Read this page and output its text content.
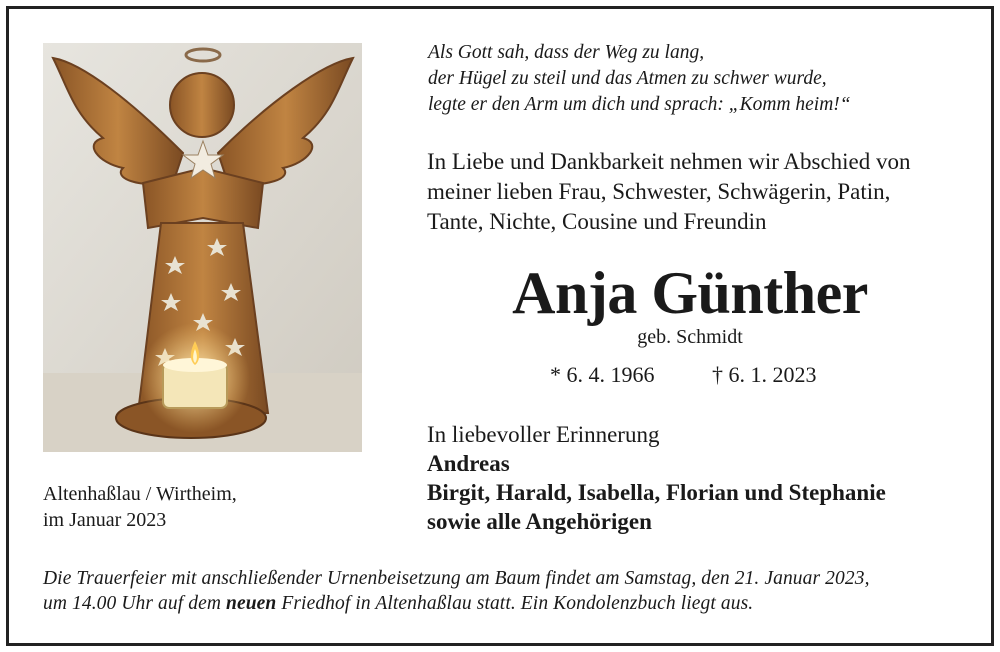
Als Gott sah, dass der Weg zu lang,
der Hügel zu steil und das Atmen zu schwer wurde,
legte er den Arm um dich und sprach: „Komm heim!“
In Liebe und Dankbarkeit nehmen wir Abschied von
meiner lieben Frau, Schwester, Schwägerin, Patin,
Tante, Nichte, Cousine und Freundin
Anja Günther
geb. Schmidt
* 6. 4. 1966	† 6. 1. 2023
In liebevoller Erinnerung
Andreas
Birgit, Harald, Isabella, Florian und Stephanie
sowie alle Angehörigen
Altenhaßlau / Wirtheim,
im Januar 2023
Die Trauerfeier mit anschließender Urnenbeisetzung am Baum findet am Samstag, den 21. Januar 2023,
um 14.00 Uhr auf dem neuen Friedhof in Altenhaßlau statt. Ein Kondolenzbuch liegt aus.
